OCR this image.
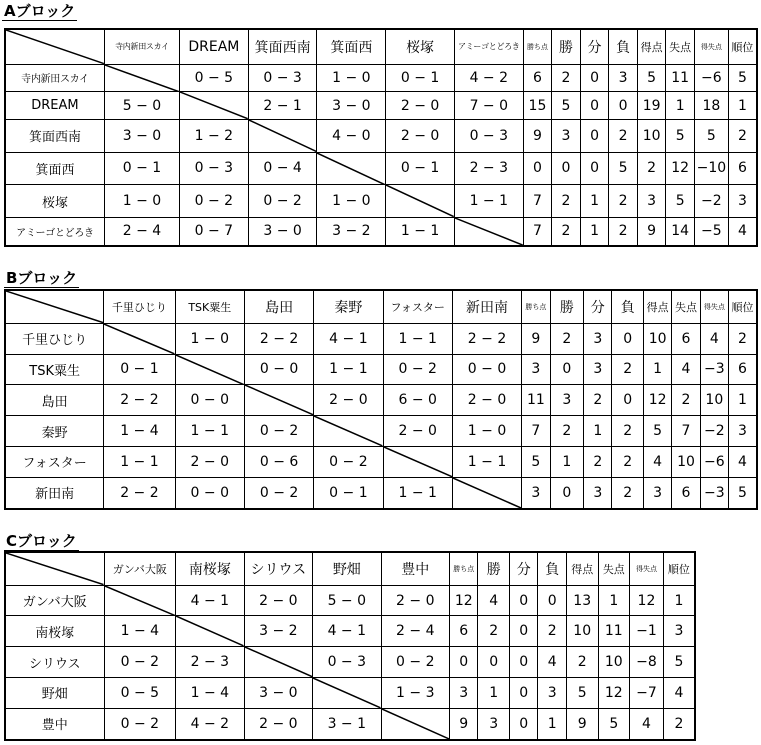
Aブロック
	寺内新田スカイ	DREAM	箕面西南	箕面西	桜塚	アミーゴとどろき	勝ち点	勝	分	負	得点	失点	得失点	順位
寺内新田スカイ		0 − 5	0 − 3	1 − 0	0 − 1	4 − 2	6	2	0	3	5	11	−6	5
DREAM	5 − 0		2 − 1	3 − 0	2 − 0	7 − 0	15	5	0	0	19	1	18	1
箕面西南	3 − 0	1 − 2		4 − 0	2 − 0	0 − 3	9	3	0	2	10	5	5	2
箕面西	0 − 1	0 − 3	0 − 4		0 − 1	2 − 3	0	0	0	5	2	12	−10	6
桜塚	1 − 0	0 − 2	0 − 2	1 − 0		1 − 1	7	2	1	2	3	5	−2	3
アミーゴとどろき	2 − 4	0 − 7	3 − 0	3 − 2	1 − 1		7	2	1	2	9	14	−5	4
Bブロック
	千里ひじり	TSK粟生	島田	秦野	フォスター	新田南	勝ち点	勝	分	負	得点	失点	得失点	順位
千里ひじり		1 − 0	2 − 2	4 − 1	1 − 1	2 − 2	9	2	3	0	10	6	4	2
TSK粟生	0 − 1		0 − 0	1 − 1	0 − 2	0 − 0	3	0	3	2	1	4	−3	6
島田	2 − 2	0 − 0		2 − 0	6 − 0	2 − 0	11	3	2	0	12	2	10	1
秦野	1 − 4	1 − 1	0 − 2		2 − 0	1 − 0	7	2	1	2	5	7	−2	3
フォスター	1 − 1	2 − 0	0 − 6	0 − 2		1 − 1	5	1	2	2	4	10	−6	4
新田南	2 − 2	0 − 0	0 − 2	0 − 1	1 − 1		3	0	3	2	3	6	−3	5
Cブロック
	ガンバ大阪	南桜塚	シリウス	野畑	豊中	勝ち点	勝	分	負	得点	失点	得失点	順位
ガンバ大阪		4 − 1	2 − 0	5 − 0	2 − 0	12	4	0	0	13	1	12	1
南桜塚	1 − 4		3 − 2	4 − 1	2 − 4	6	2	0	2	10	11	−1	3
シリウス	0 − 2	2 − 3		0 − 3	0 − 2	0	0	0	4	2	10	−8	5
野畑	0 − 5	1 − 4	3 − 0		1 − 3	3	1	0	3	5	12	−7	4
豊中	0 − 2	4 − 2	2 − 0	3 − 1		9	3	0	1	9	5	4	2
